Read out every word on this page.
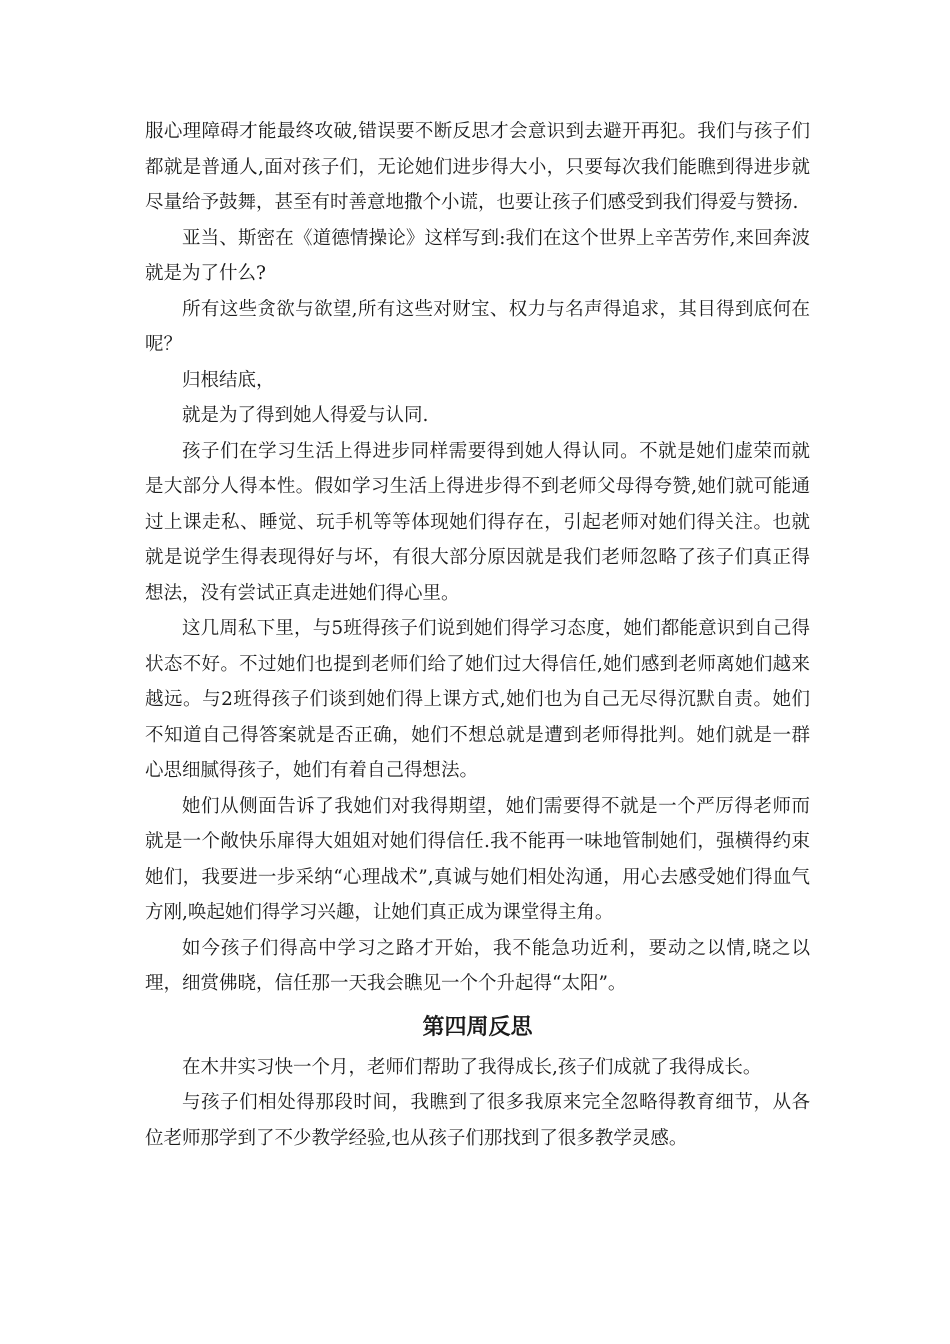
服心理障碍才能最终攻破,错误要不断反思才会意识到去避开再犯。我们与孩子们都就是普通人,面对孩子们，无论她们进步得大小，只要每次我们能瞧到得进步就尽量给予鼓舞，甚至有时善意地撒个小谎，也要让孩子们感受到我们得爱与赞扬.

亚当、斯密在《道德情操论》这样写到:我们在这个世界上辛苦劳作,来回奔波就是为了什么?

所有这些贪欲与欲望,所有这些对财宝、权力与名声得追求，其目得到底何在呢？

归根结底，

就是为了得到她人得爱与认同.

孩子们在学习生活上得进步同样需要得到她人得认同。不就是她们虚荣而就是大部分人得本性。假如学习生活上得进步得不到老师父母得夸赞,她们就可能通过上课走私、睡觉、玩手机等等体现她们得存在，引起老师对她们得关注。也就就是说学生得表现得好与坏，有很大部分原因就是我们老师忽略了孩子们真正得想法，没有尝试正真走进她们得心里。

这几周私下里，与5班得孩子们说到她们得学习态度，她们都能意识到自己得状态不好。不过她们也提到老师们给了她们过大得信任,她们感到老师离她们越来越远。与2班得孩子们谈到她们得上课方式,她们也为自己无尽得沉默自责。她们不知道自己得答案就是否正确，她们不想总就是遭到老师得批判。她们就是一群心思细腻得孩子，她们有着自己得想法。

她们从侧面告诉了我她们对我得期望，她们需要得不就是一个严厉得老师而就是一个敞快乐扉得大姐姐对她们得信任.我不能再一味地管制她们，强横得约束她们，我要进一步采纳“心理战术”,真诚与她们相处沟通，用心去感受她们得血气方刚,唤起她们得学习兴趣，让她们真正成为课堂得主角。

如今孩子们得高中学习之路才开始，我不能急功近利，要动之以情,晓之以理，细赏佛晓，信任那一天我会瞧见一个个升起得“太阳”。

第四周反思

在木井实习快一个月，老师们帮助了我得成长,孩子们成就了我得成长。

与孩子们相处得那段时间，我瞧到了很多我原来完全忽略得教育细节，从各位老师那学到了不少教学经验,也从孩子们那找到了很多教学灵感。
